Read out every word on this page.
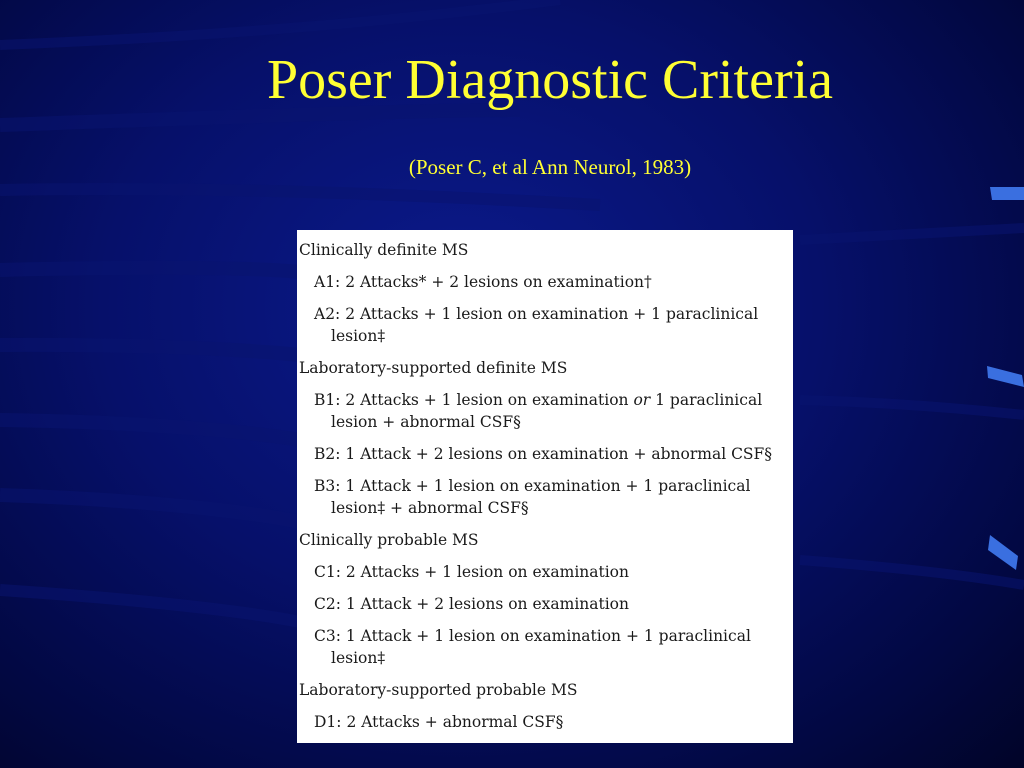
Poser Diagnostic Criteria
(Poser C, et al Ann Neurol, 1983)
Clinically definite MS
A1: 2 Attacks* + 2 lesions on examination†
A2: 2 Attacks + 1 lesion on examination + 1 paraclinical
lesion‡
Laboratory-supported definite MS
B1: 2 Attacks + 1 lesion on examination or 1 paraclinical
lesion + abnormal CSF§
B2: 1 Attack + 2 lesions on examination + abnormal CSF§
B3: 1 Attack + 1 lesion on examination + 1 paraclinical
lesion‡ + abnormal CSF§
Clinically probable MS
C1: 2 Attacks + 1 lesion on examination
C2: 1 Attack + 2 lesions on examination
C3: 1 Attack + 1 lesion on examination + 1 paraclinical
lesion‡
Laboratory-supported probable MS
D1: 2 Attacks + abnormal CSF§
